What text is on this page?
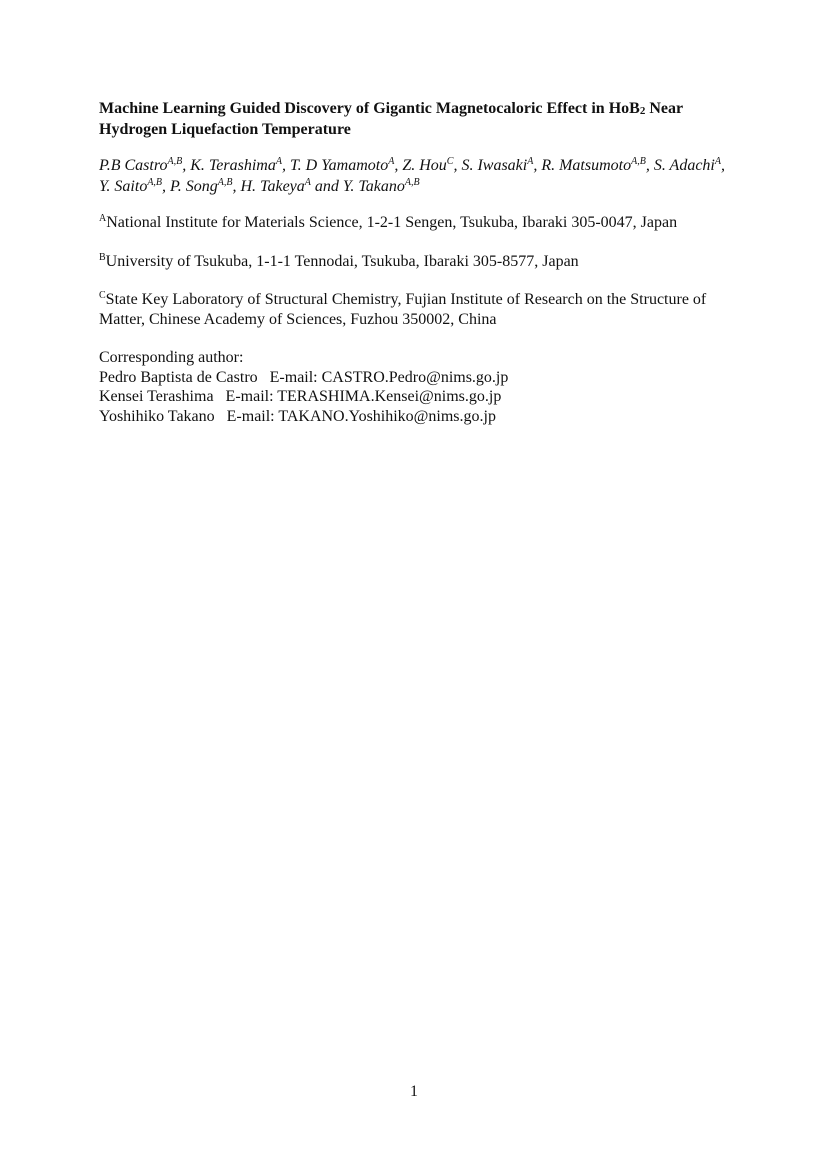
Machine Learning Guided Discovery of Gigantic Magnetocaloric Effect in HoB2 Near Hydrogen Liquefaction Temperature
P.B Castro$^{A,B}$, K. Terashima$^A$, T. D Yamamoto$^A$, Z. Hou$^C$, S. Iwasaki$^A$, R. Matsumoto$^{A,B}$, S. Adachi$^A$, Y. Saito$^{A,B}$, P. Song$^{A,B}$, H. Takeya$^A$ and Y. Takano$^{A,B}$
$^A$National Institute for Materials Science, 1-2-1 Sengen, Tsukuba, Ibaraki 305-0047, Japan
$^B$University of Tsukuba, 1-1-1 Tennodai, Tsukuba, Ibaraki 305-8577, Japan
$^C$State Key Laboratory of Structural Chemistry, Fujian Institute of Research on the Structure of Matter, Chinese Academy of Sciences, Fuzhou 350002, China
Corresponding author:
Pedro Baptista de Castro E-mail: CASTRO.Pedro@nims.go.jp
Kensei Terashima E-mail: TERASHIMA.Kensei@nims.go.jp
Yoshihiko Takano E-mail: TAKANO.Yoshihiko@nims.go.jp
1
